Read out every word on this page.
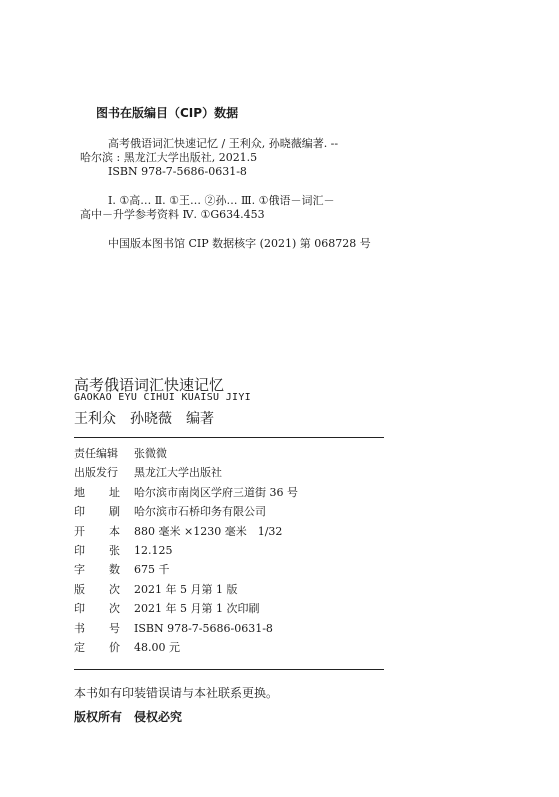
图书在版编目（CIP）数据
高考俄语词汇快速记忆 / 王利众, 孙晓薇编著. --
哈尔滨 : 黑龙江大学出版社, 2021.5
ISBN 978-7-5686-0631-8
Ⅰ. ①高… Ⅱ. ①王… ②孙… Ⅲ. ①俄语－词汇－
高中－升学参考资料 Ⅳ. ①G634.453
中国版本图书馆 CIP 数据核字 (2021) 第 068728 号
高考俄语词汇快速记忆
GAOKAO EYU CIHUI KUAISU JIYI
王利众　孙晓薇　编著
责任编辑 张微微
出版发行 黑龙江大学出版社
地址 哈尔滨市南岗区学府三道街 36 号
印刷 哈尔滨市石桥印务有限公司
开本 880 毫米 ×1230 毫米　1/32
印张 12.125
字数 675 千
版次 2021 年 5 月第 1 版
印次 2021 年 5 月第 1 次印刷
书号 ISBN 978-7-5686-0631-8
定价 48.00 元
本书如有印装错误请与本社联系更换。
版权所有　侵权必究
